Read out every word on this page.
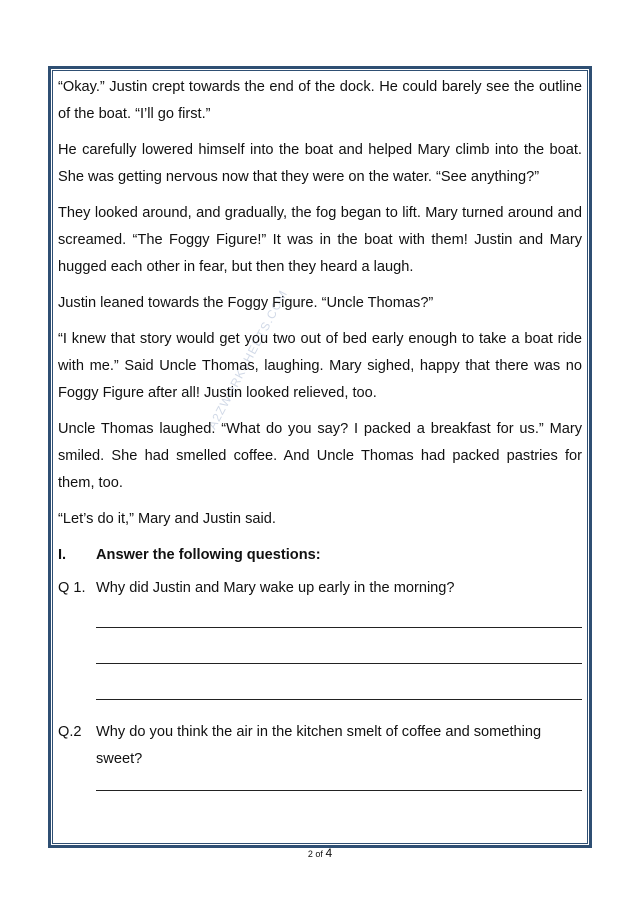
A2ZWORKSHEETS.COM

“Okay.” Justin crept towards the end of the dock. He could barely see the outline of the boat. “I’ll go first.”

He carefully lowered himself into the boat and helped Mary climb into the boat. She was getting nervous now that they were on the water. “See anything?”

They looked around, and gradually, the fog began to lift. Mary turned around and screamed. “The Foggy Figure!” It was in the boat with them! Justin and Mary hugged each other in fear, but then they heard a laugh.

Justin leaned towards the Foggy Figure. “Uncle Thomas?”

“I knew that story would get you two out of bed early enough to take a boat ride with me.” Said Uncle Thomas, laughing. Mary sighed, happy that there was no Foggy Figure after all! Justin looked relieved, too.

Uncle Thomas laughed. “What do you say? I packed a breakfast for us.” Mary smiled. She had smelled coffee. And Uncle Thomas had packed pastries for them, too.

“Let’s do it,” Mary and Justin said.

I.	Answer the following questions:
Q 1. Why did Justin and Mary wake up early in the morning?
Q.2 Why do you think the air in the kitchen smelt of coffee and something sweet?
2 of 4
